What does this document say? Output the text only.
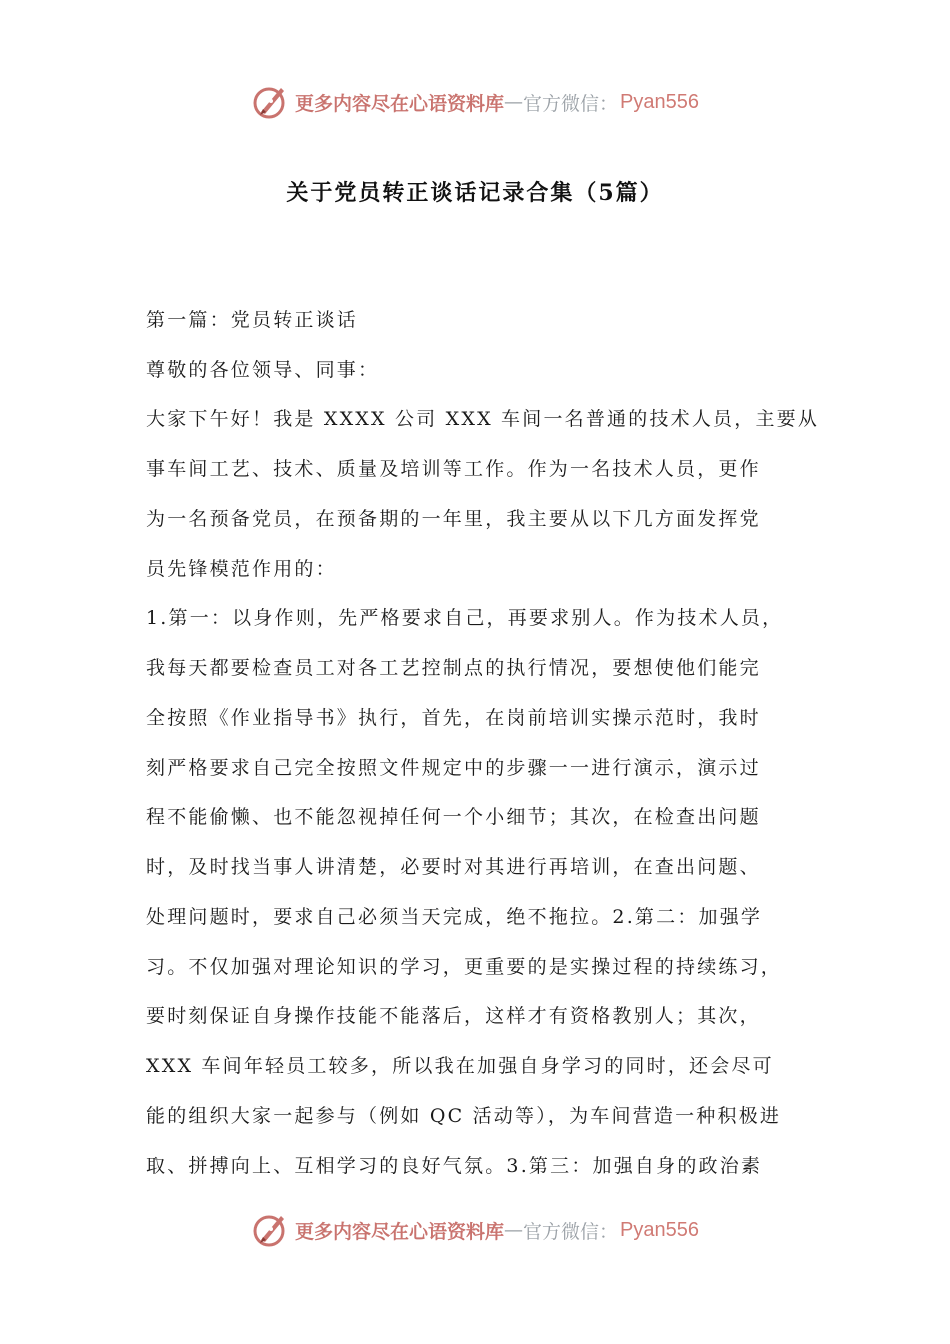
更多内容尽在心语资料库 — 官方微信： Pyan556
关于党员转正谈话记录合集（5篇）
第一篇：党员转正谈话
尊敬的各位领导、同事：
大家下午好！我是 XXXX 公司 XXX 车间一名普通的技术人员，主要从
事车间工艺、技术、质量及培训等工作。作为一名技术人员，更作
为一名预备党员，在预备期的一年里，我主要从以下几方面发挥党
员先锋模范作用的：
1.第一：以身作则，先严格要求自己，再要求别人。作为技术人员，
我每天都要检查员工对各工艺控制点的执行情况，要想使他们能完
全按照《作业指导书》执行，首先，在岗前培训实操示范时，我时
刻严格要求自己完全按照文件规定中的步骤一一进行演示，演示过
程不能偷懒、也不能忽视掉任何一个小细节；其次，在检查出问题
时，及时找当事人讲清楚，必要时对其进行再培训，在查出问题、
处理问题时，要求自己必须当天完成，绝不拖拉。2.第二：加强学
习。不仅加强对理论知识的学习，更重要的是实操过程的持续练习，
要时刻保证自身操作技能不能落后，这样才有资格教别人；其次，
XXX 车间年轻员工较多，所以我在加强自身学习的同时，还会尽可
能的组织大家一起参与（例如 QC 活动等），为车间营造一种积极进
取、拼搏向上、互相学习的良好气氛。3.第三：加强自身的政治素
更多内容尽在心语资料库 — 官方微信： Pyan556
